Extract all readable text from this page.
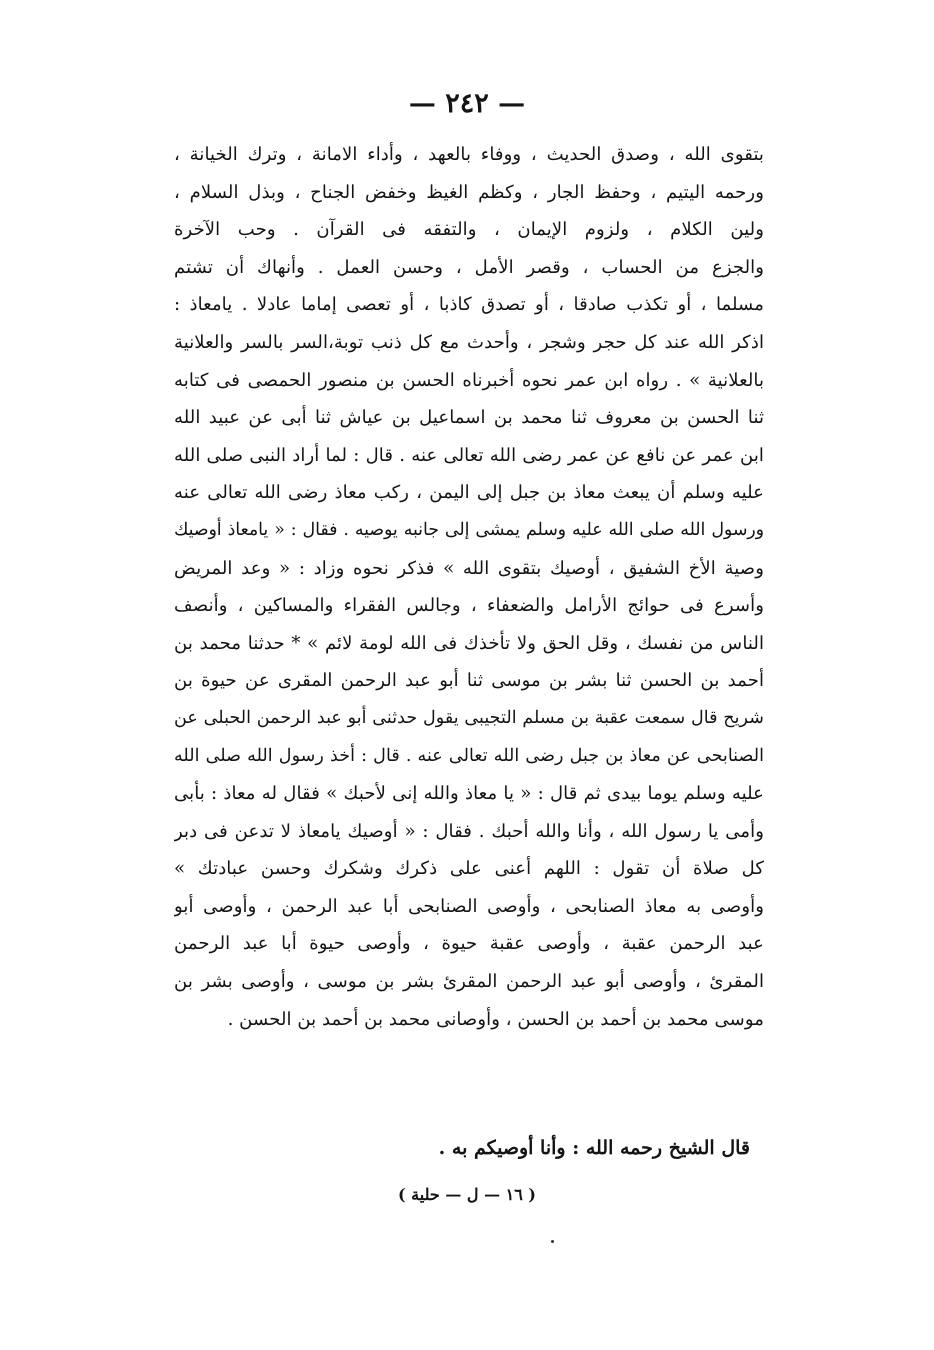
— ٢٤٢ —
بتقوى الله ، وصدق الحديث ، ووفاء بالعهد ، وأداء الامانة ، وترك الخيانة ،
ورحمه اليتيم ، وحفظ الجار ، وكظم الغيظ وخفض الجناح ، وبذل السلام ،
ولين الكلام ، ولزوم الإيمان ، والتفقه فى القرآن . وحب الآخرة
والجزع من الحساب ، وقصر الأمل ، وحسن العمل . وأنهاك أن تشتم
مسلما ، أو تكذب صادقا ، أو تصدق كاذبا ، أو تعصى إماما عادلا . يامعاذ :
اذكر الله عند كل حجر وشجر ، وأحدث مع كل ذنب توبة،السر بالسر والعلانية
بالعلانية » . رواه ابن عمر نحوه أخبرناه الحسن بن منصور الحمصى فى كتابه
ثنا الحسن بن معروف ثنا محمد بن اسماعيل بن عياش ثنا أبى عن عبيد الله
ابن عمر عن نافع عن عمر رضى الله تعالى عنه . قال : لما أراد النبى صلى الله
عليه وسلم أن يبعث معاذ بن جبل إلى اليمن ، ركب معاذ رضى الله تعالى عنه
ورسول الله صلى الله عليه وسلم يمشى إلى جانبه يوصيه . فقال : « يامعاذ أوصيك
وصية الأخ الشفيق ، أوصيك بتقوى الله » فذكر نحوه وزاد : « وعد المريض
وأسرع فى حوائج الأرامل والضعفاء ، وجالس الفقراء والمساكين ، وأنصف
الناس من نفسك ، وقل الحق ولا تأخذك فى الله لومة لائم » * حدثنا محمد بن
أحمد بن الحسن ثنا بشر بن موسى ثنا أبو عبد الرحمن المقرى عن حيوة بن
شريح قال سمعت عقبة بن مسلم التجيبى يقول حدثنى أبو عبد الرحمن الحبلى عن
الصنابحى عن معاذ بن جبل رضى الله تعالى عنه . قال : أخذ رسول الله صلى الله
عليه وسلم يوما بيدى ثم قال : « يا معاذ والله إنى لأحبك » فقال له معاذ : بأبى
وأمى يا رسول الله ، وأنا والله أحبك . فقال : « أوصيك يامعاذ لا تدعن فى دبر
كل صلاة أن تقول : اللهم أعنى على ذكرك وشكرك وحسن عبادتك »
وأوصى به معاذ الصنابحى ، وأوصى الصنابحى أبا عبد الرحمن ، وأوصى أبو
عبد الرحمن عقبة ، وأوصى عقبة حيوة ، وأوصى حيوة أبا عبد الرحمن
المقرئ ، وأوصى أبو عبد الرحمن المقرئ بشر بن موسى ، وأوصى بشر بن
موسى محمد بن أحمد بن الحسن ، وأوصانى محمد بن أحمد بن الحسن .
قال الشيخ رحمه الله : وأنا أوصيكم به .
( ١٦ — ل — حلية )
